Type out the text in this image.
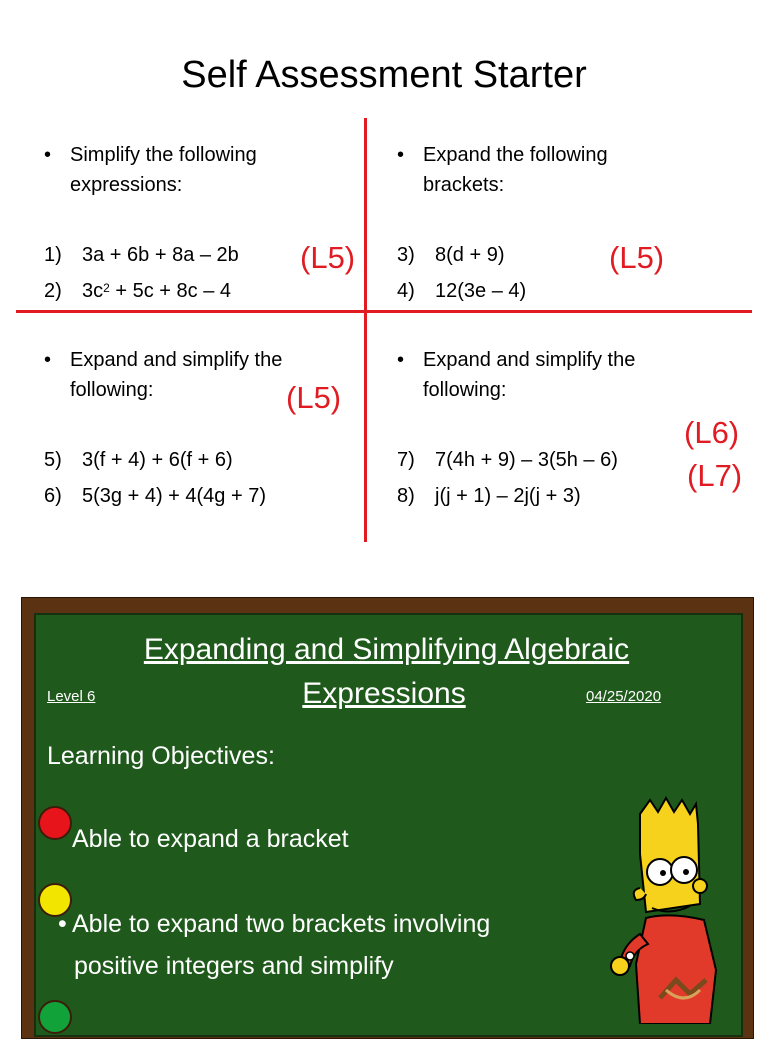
Self Assessment Starter
• Simplify the following
expressions:
1) 3a + 6b + 8a – 2b
2) $3c^2 + 5c + 8c - 4$
(L5)
• Expand the following
brackets:
3) 8(d + 9)
4) 12(3e – 4)
(L5)
• Expand and simplify the
following:	(L5)
5) 3(f + 4) + 6(f + 6)
6) 5(3g + 4) + 4(4g + 7)
• Expand and simplify the
following:
7) 7(4h + 9) – 3(5h – 6)
8) j(j + 1) – 2j(j + 3)
(L6)
(L7)
Expanding and Simplifying Algebraic
Expressions
Level 6	04/25/2020
Learning Objectives:
Able to expand a bracket
• Able to expand two brackets involving
positive integers and simplify
